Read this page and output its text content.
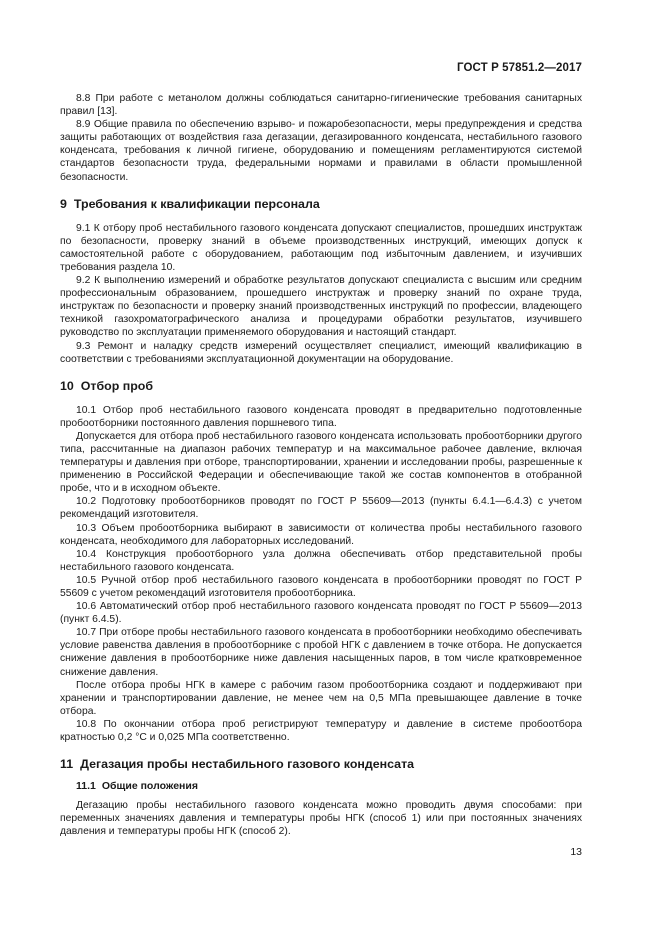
ГОСТ Р 57851.2—2017

8.8 При работе с метанолом должны соблюдаться санитарно-гигиенические требования санитарных правил [13].

8.9 Общие правила по обеспечению взрыво- и пожаробезопасности, меры предупреждения и средства защиты работающих от воздействия газа дегазации, дегазированного конденсата, нестабильного газового конденсата, требования к личной гигиене, оборудованию и помещениям регламентируются системой стандартов безопасности труда, федеральными нормами и правилами в области промышленной безопасности.

9 Требования к квалификации персонала

9.1 К отбору проб нестабильного газового конденсата допускают специалистов, прошедших инструктаж по безопасности, проверку знаний в объеме производственных инструкций, имеющих допуск к самостоятельной работе с оборудованием, работающим под избыточным давлением, и изучивших требования раздела 10.

9.2 К выполнению измерений и обработке результатов допускают специалиста с высшим или средним профессиональным образованием, прошедшего инструктаж и проверку знаний по охране труда, инструктаж по безопасности и проверку знаний производственных инструкций по профессии, владеющего техникой газохроматографического анализа и процедурами обработки результатов, изучившего руководство по эксплуатации применяемого оборудования и настоящий стандарт.

9.3 Ремонт и наладку средств измерений осуществляет специалист, имеющий квалификацию в соответствии с требованиями эксплуатационной документации на оборудование.

10 Отбор проб

10.1 Отбор проб нестабильного газового конденсата проводят в предварительно подготовленные пробоотборники постоянного давления поршневого типа.

Допускается для отбора проб нестабильного газового конденсата использовать пробоотборники другого типа, рассчитанные на диапазон рабочих температур и на максимальное рабочее давление, включая температуры и давления при отборе, транспортировании, хранении и исследовании пробы, разрешенные к применению в Российской Федерации и обеспечивающие такой же состав компонентов в отобранной пробе, что и в исходном объекте.

10.2 Подготовку пробоотборников проводят по ГОСТ Р 55609—2013 (пункты 6.4.1—6.4.3) с учетом рекомендаций изготовителя.

10.3 Объем пробоотборника выбирают в зависимости от количества пробы нестабильного газового конденсата, необходимого для лабораторных исследований.

10.4 Конструкция пробоотборного узла должна обеспечивать отбор представительной пробы нестабильного газового конденсата.

10.5 Ручной отбор проб нестабильного газового конденсата в пробоотборники проводят по ГОСТ Р 55609 с учетом рекомендаций изготовителя пробоотборника.

10.6 Автоматический отбор проб нестабильного газового конденсата проводят по ГОСТ Р 55609—2013 (пункт 6.4.5).

10.7 При отборе пробы нестабильного газового конденсата в пробоотборники необходимо обеспечивать условие равенства давления в пробоотборнике с пробой НГК с давлением в точке отбора. Не допускается снижение давления в пробоотборнике ниже давления насыщенных паров, в том числе кратковременное снижение давления.

После отбора пробы НГК в камере с рабочим газом пробоотборника создают и поддерживают при хранении и транспортировании давление, не менее чем на 0,5 МПа превышающее давление в точке отбора.

10.8 По окончании отбора проб регистрируют температуру и давление в системе пробоотбора кратностью 0,2 °С и 0,025 МПа соответственно.

11 Дегазация пробы нестабильного газового конденсата
11.1 Общие положения

Дегазацию пробы нестабильного газового конденсата можно проводить двумя способами: при переменных значениях давления и температуры пробы НГК (способ 1) или при постоянных значениях давления и температуры пробы НГК (способ 2).

13
